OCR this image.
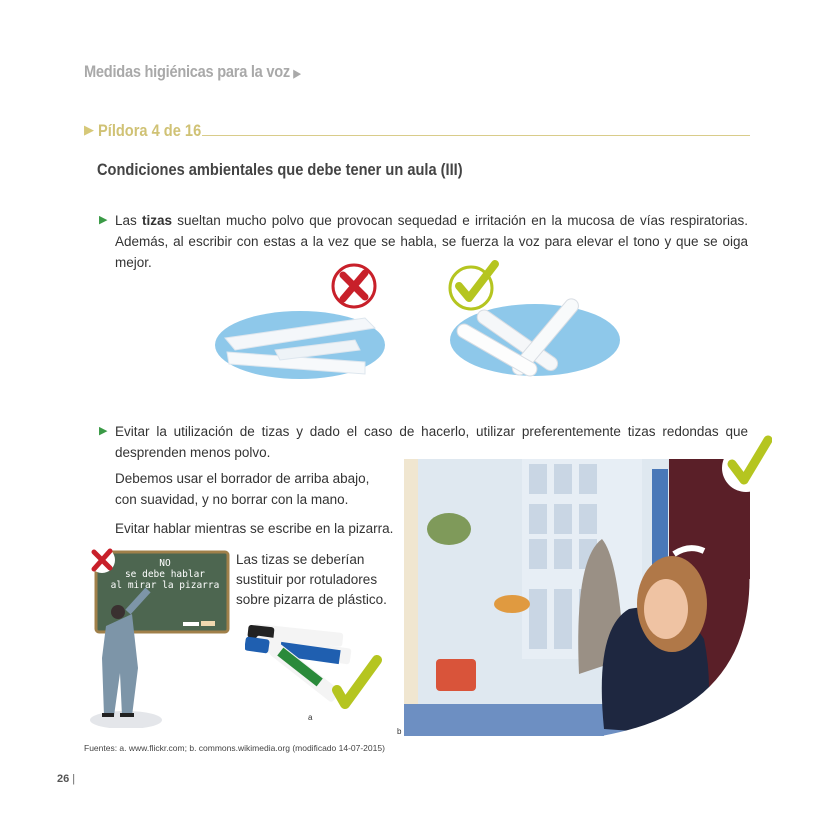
Medidas higiénicas para la voz ▶
▶ Píldora 4 de 16
Condiciones ambientales que debe tener un aula (III)
▶ Las tizas sueltan mucho polvo que provocan sequedad e irritación en la mucosa de vías respiratorias. Además, al escribir con estas a la vez que se habla, se fuerza la voz para elevar el tono y que se oiga mejor.
▶ Evitar la utilización de tizas y dado el caso de hacerlo, utilizar preferentemente tizas redondas que desprenden menos polvo.
Debemos usar el borrador de arriba abajo,
con suavidad, y no borrar con la mano.
Evitar hablar mientras se escribe en la pizarra.
NO
se debe hablar
al mirar la pizarra
Las tizas se deberían
sustituir por rotuladores
sobre pizarra de plástico.
a
b
Fuentes: a. www.flickr.com; b. commons.wikimedia.org (modificado 14-07-2015)
26 |
